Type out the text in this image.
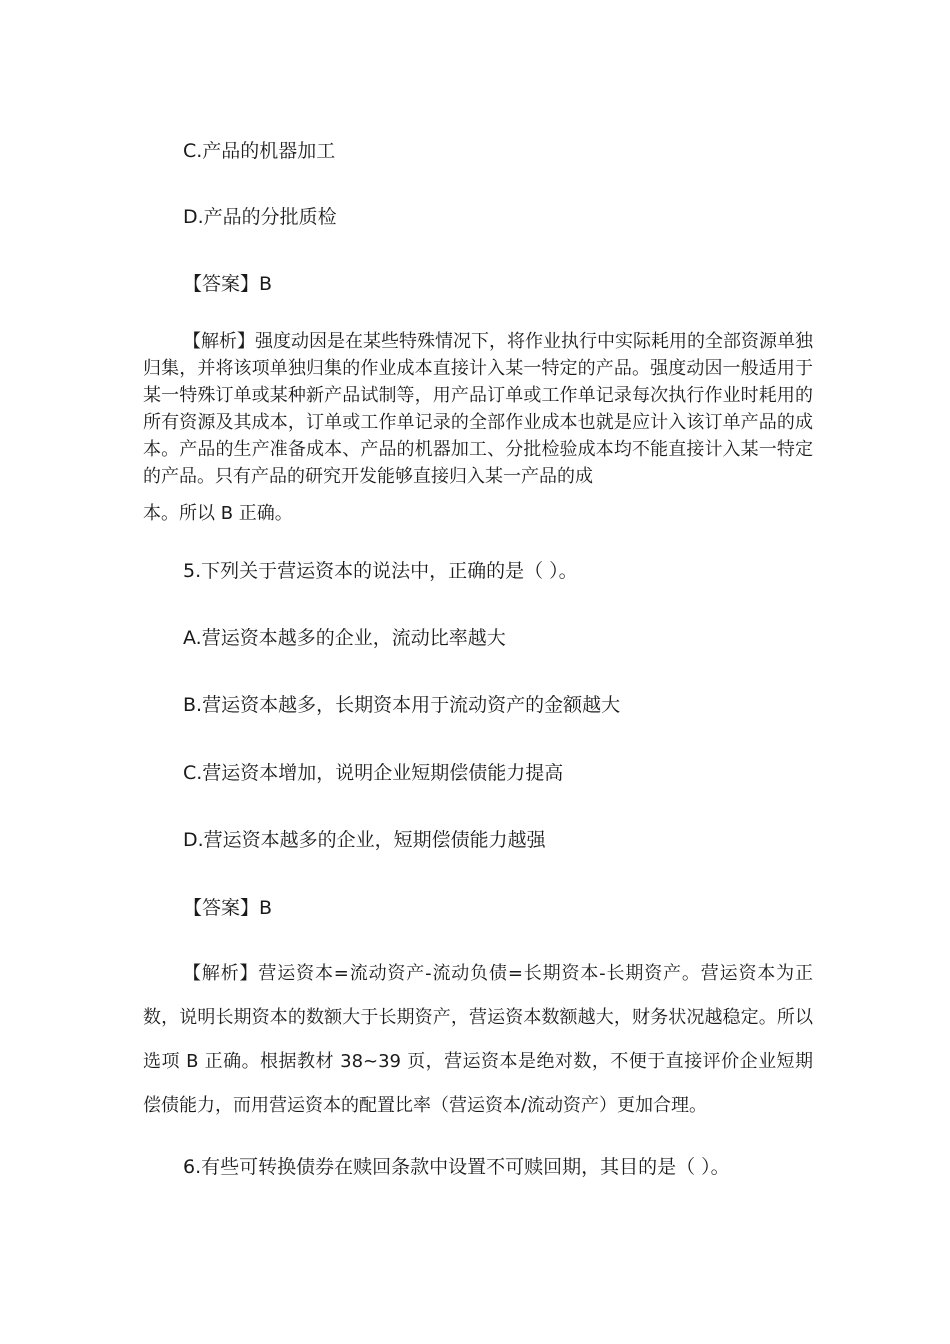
C.产品的机器加工

D.产品的分批质检

【答案】B

【解析】强度动因是在某些特殊情况下，将作业执行中实际耗用的全部资源单独归集，并将该项单独归集的作业成本直接计入某一特定的产品。强度动因一般适用于某一特殊订单或某种新产品试制等，用产品订单或工作单记录每次执行作业时耗用的所有资源及其成本，订单或工作单记录的全部作业成本也就是应计入该订单产品的成本。产品的生产准备成本、产品的机器加工、分批检验成本均不能直接计入某一特定的产品。只有产品的研究开发能够直接归入某一产品的成
本。所以 B 正确。

5.下列关于营运资本的说法中，正确的是（ ）。

A.营运资本越多的企业，流动比率越大

B.营运资本越多，长期资本用于流动资产的金额越大

C.营运资本增加，说明企业短期偿债能力提高

D.营运资本越多的企业，短期偿债能力越强

【答案】B

【解析】营运资本=流动资产-流动负债=长期资本-长期资产。营运资本为正数，说明长期资本的数额大于长期资产，营运资本数额越大，财务状况越稳定。所以选项 B 正确。根据教材 38~39 页，营运资本是绝对数，不便于直接评价企业短期偿债能力，而用营运资本的配置比率（营运资本/流动资产）更加合理。

6.有些可转换债券在赎回条款中设置不可赎回期，其目的是（ ）。
